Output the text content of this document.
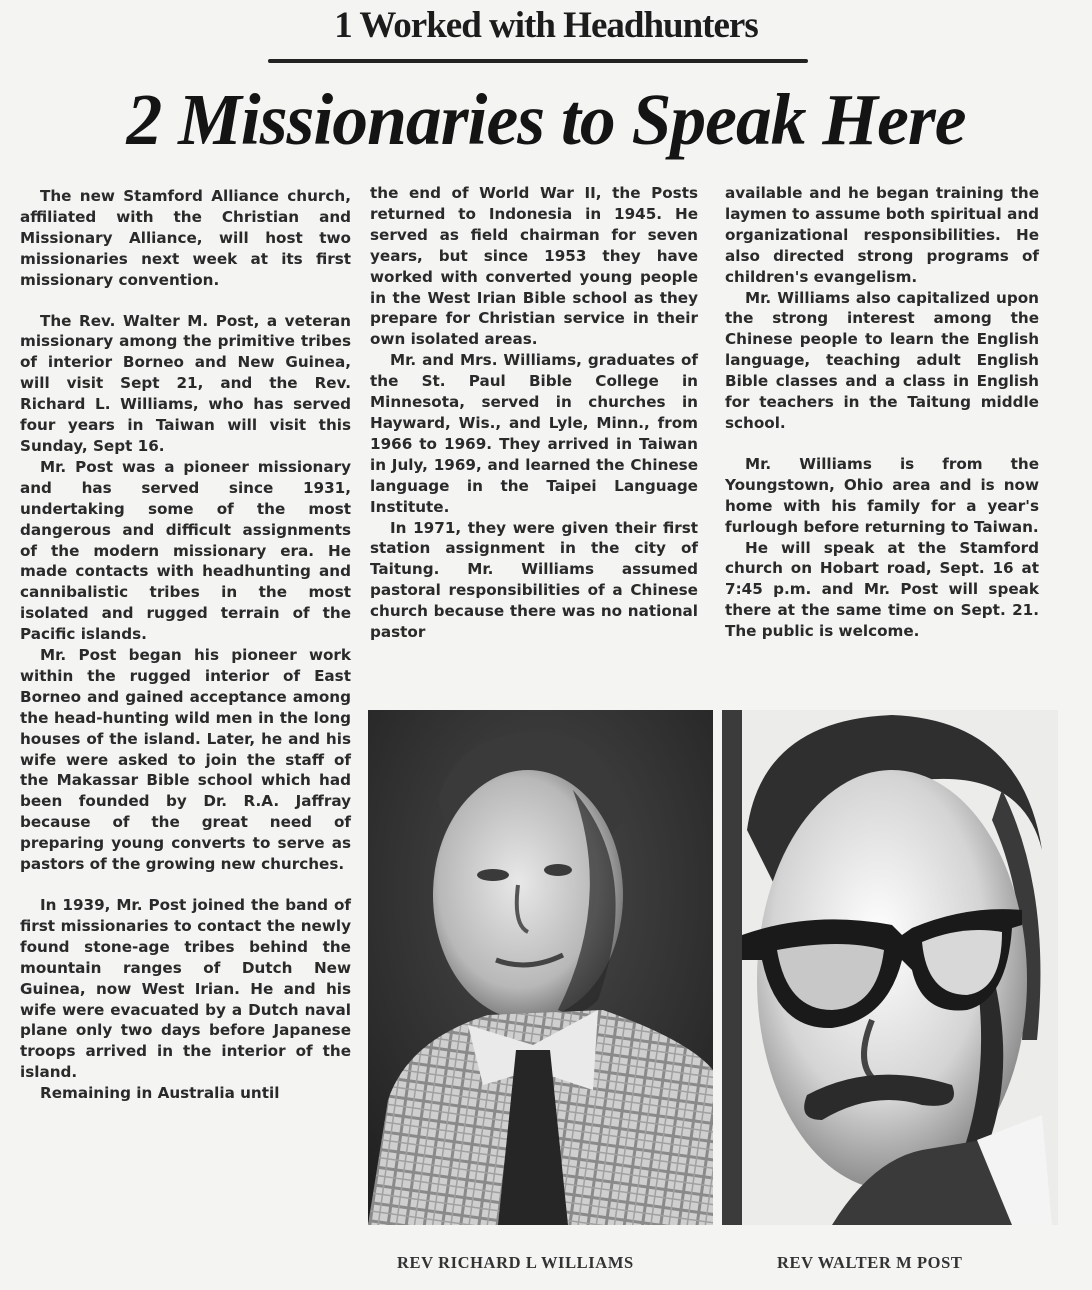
1 Worked with Headhunters
2 Missionaries to Speak Here

The new Stamford Alliance church, affiliated with the Christian and Missionary Alliance, will host two missionaries next week at its first missionary convention.

The Rev. Walter M. Post, a veteran missionary among the primitive tribes of interior Borneo and New Guinea, will visit Sept 21, and the Rev. Richard L. Williams, who has served four years in Taiwan will visit this Sunday, Sept 16.

Mr. Post was a pioneer missionary and has served since 1931, undertaking some of the most dangerous and difficult assignments of the modern missionary era. He made contacts with headhunting and cannibalistic tribes in the most isolated and rugged terrain of the Pacific islands.

Mr. Post began his pioneer work within the rugged interior of East Borneo and gained acceptance among the head-hunting wild men in the long houses of the island. Later, he and his wife were asked to join the staff of the Makassar Bible school which had been founded by Dr. R.A. Jaffray because of the great need of preparing young converts to serve as pastors of the growing new churches.

In 1939, Mr. Post joined the band of first missionaries to contact the newly found stone-age tribes behind the mountain ranges of Dutch New Guinea, now West Irian. He and his wife were evacuated by a Dutch naval plane only two days before Japanese troops arrived in the interior of the island.

Remaining in Australia until

the end of World War II, the Posts returned to Indonesia in 1945. He served as field chairman for seven years, but since 1953 they have worked with converted young people in the West Irian Bible school as they prepare for Christian service in their own isolated areas.

Mr. and Mrs. Williams, graduates of the St. Paul Bible College in Minnesota, served in churches in Hayward, Wis., and Lyle, Minn., from 1966 to 1969. They arrived in Taiwan in July, 1969, and learned the Chinese language in the Taipei Language Institute.

In 1971, they were given their first station assignment in the city of Taitung. Mr. Williams assumed pastoral responsibilities of a Chinese church because there was no national pastor

available and he began training the laymen to assume both spiritual and organizational responsibilities. He also directed strong programs of children's evangelism.

Mr. Williams also capitalized upon the strong interest among the Chinese people to learn the English language, teaching adult English Bible classes and a class in English for teachers in the Taitung middle school.

Mr. Williams is from the Youngstown, Ohio area and is now home with his family for a year's furlough before returning to Taiwan.

He will speak at the Stamford church on Hobart road, Sept. 16 at 7:45 p.m. and Mr. Post will speak there at the same time on Sept. 21. The public is welcome.

REV RICHARD L WILLIAMS	REV WALTER M POST
